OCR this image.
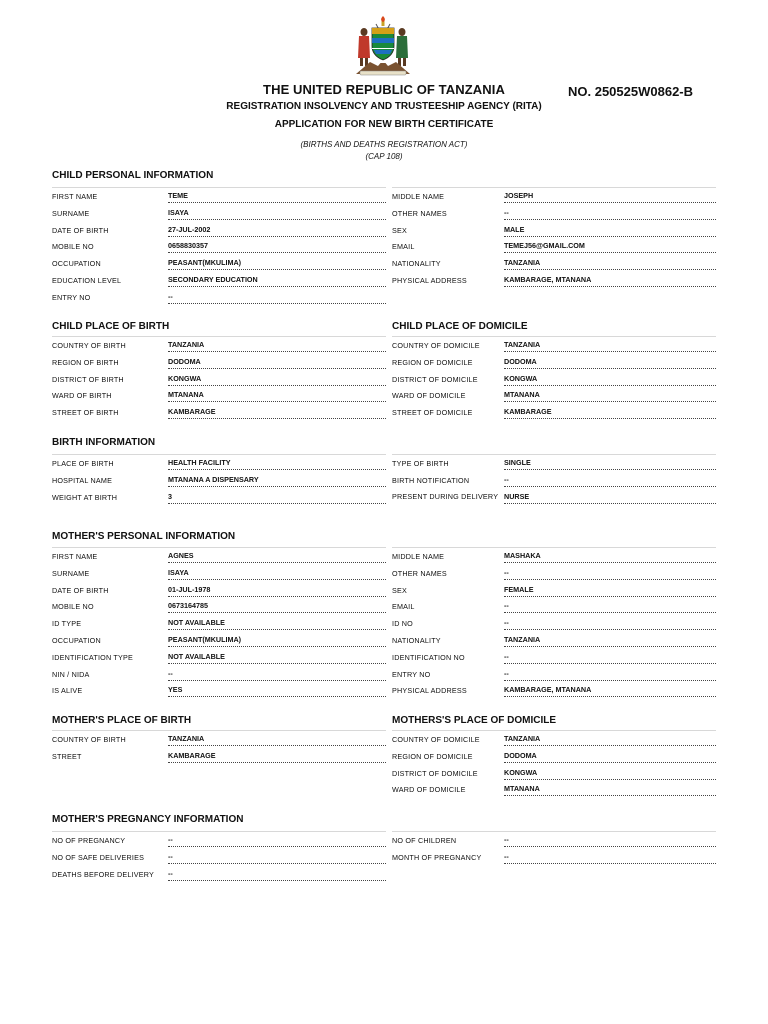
THE UNITED REPUBLIC OF TANZANIA	NO. 250525W0862-B
REGISTRATION INSOLVENCY AND TRUSTEESHIP AGENCY (RITA)
APPLICATION FOR NEW BIRTH CERTIFICATE
(BIRTHS AND DEATHS REGISTRATION ACT)
(CAP 108)
CHILD PERSONAL INFORMATION
FIRST NAME	TEME
SURNAME	ISAYA
DATE OF BIRTH	27-JUL-2002
MOBILE NO	0658830357
OCCUPATION	PEASANT(MKULIMA)
EDUCATION LEVEL	SECONDARY EDUCATION
ENTRY NO	--
MIDDLE NAME	JOSEPH
OTHER NAMES	--
SEX	MALE
EMAIL	TEMEJ56@GMAIL.COM
NATIONALITY	TANZANIA
PHYSICAL ADDRESS	KAMBARAGE, MTANANA
CHILD PLACE OF BIRTH
COUNTRY OF BIRTH	TANZANIA
REGION OF BIRTH	DODOMA
DISTRICT OF BIRTH	KONGWA
WARD OF BIRTH	MTANANA
STREET OF BIRTH	KAMBARAGE
CHILD PLACE OF DOMICILE
COUNTRY OF DOMICILE	TANZANIA
REGION OF DOMICILE	DODOMA
DISTRICT OF DOMICILE	KONGWA
WARD OF DOMICILE	MTANANA
STREET OF DOMICILE	KAMBARAGE
BIRTH INFORMATION
PLACE OF BIRTH	HEALTH FACILITY
HOSPITAL NAME	MTANANA A DISPENSARY
WEIGHT AT BIRTH	3
TYPE OF BIRTH	SINGLE
BIRTH NOTIFICATION	--
PRESENT DURING DELIVERY NURSE
MOTHER'S PERSONAL INFORMATION
FIRST NAME	AGNES
SURNAME	ISAYA
DATE OF BIRTH	01-JUL-1978
MOBILE NO	0673164785
ID TYPE	NOT AVAILABLE
OCCUPATION	PEASANT(MKULIMA)
IDENTIFICATION TYPE	NOT AVAILABLE
NIN / NIDA	--
IS ALIVE	YES
MIDDLE NAME	MASHAKA
OTHER NAMES	--
SEX	FEMALE
EMAIL	--
ID NO	--
NATIONALITY	TANZANIA
IDENTIFICATION NO	--
ENTRY NO	--
PHYSICAL ADDRESS	KAMBARAGE, MTANANA
MOTHER'S PLACE OF BIRTH
COUNTRY OF BIRTH	TANZANIA
STREET	KAMBARAGE
MOTHERS'S PLACE OF DOMICILE
COUNTRY OF DOMICILE	TANZANIA
REGION OF DOMICILE	DODOMA
DISTRICT OF DOMICILE	KONGWA
WARD OF DOMICILE	MTANANA
MOTHER'S PREGNANCY INFORMATION
NO OF PREGNANCY	--
NO OF SAFE DELIVERIES	--
DEATHS BEFORE DELIVERY	--
NO OF CHILDREN	--
MONTH OF PREGNANCY	--
